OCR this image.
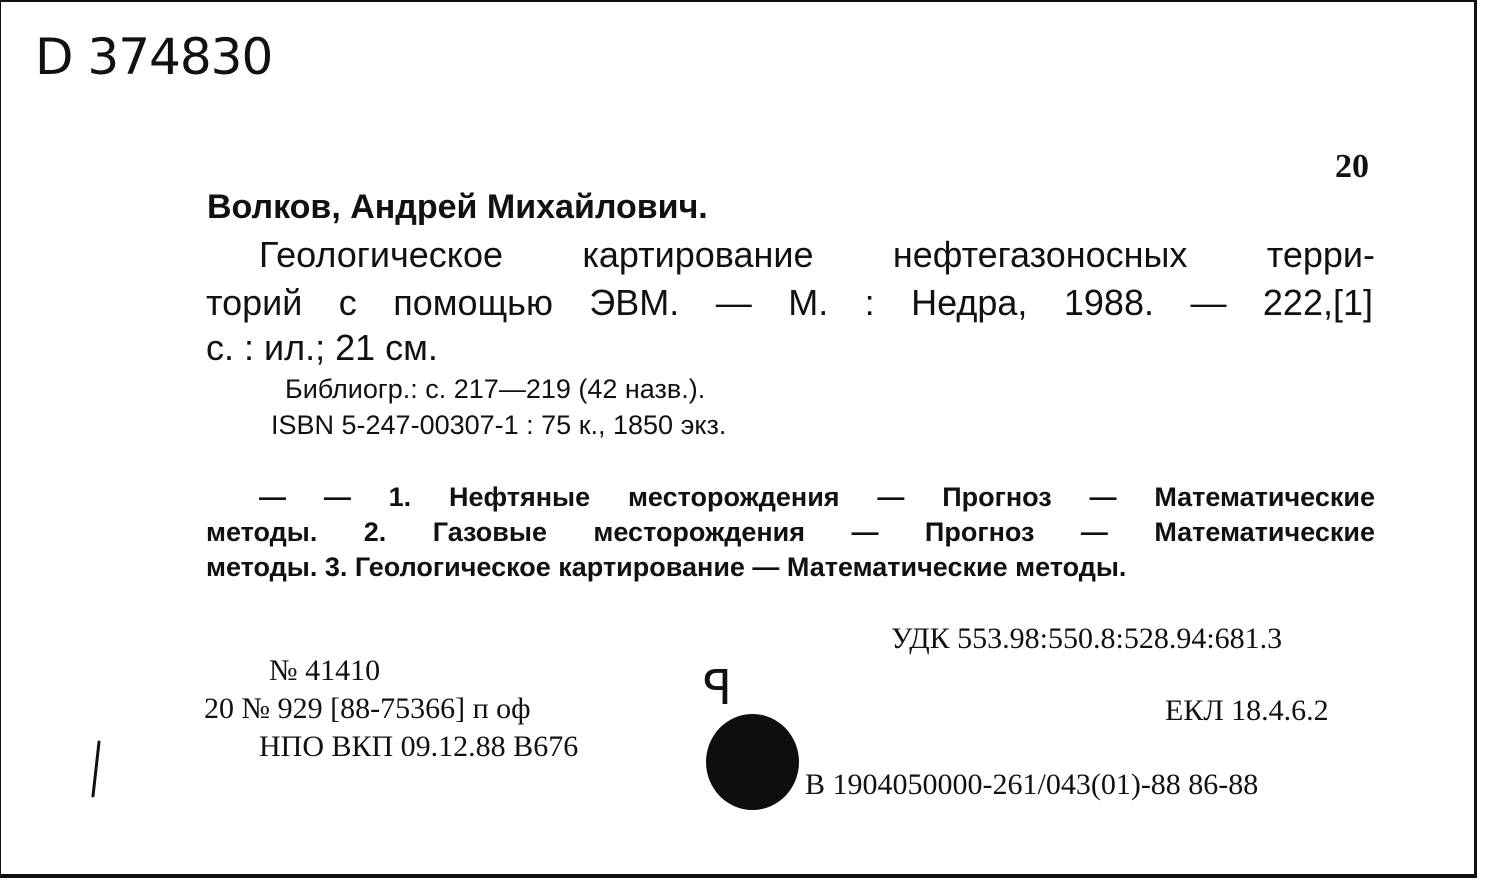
D 374830
20
Волков, Андрей Михайлович.
Геологическое картирование нефтегазоносных терри-
торий с помощью ЭВМ. — М. : Недра, 1988. — 222,[1]
с. : ил.; 21 см.
Библиогр.: с. 217—219 (42 назв.).
ISBN 5-247-00307-1 : 75 к., 1850 экз.
— — 1. Нефтяные месторождения — Прогноз — Математические
методы. 2. Газовые месторождения — Прогноз — Математические
методы. 3. Геологическое картирование — Математические методы.
УДК 553.98:550.8:528.94:681.3
№ 41410
20 № 929 [88-75366] п оф
НПО ВКП 09.12.88 В676
Р	ЕКЛ 18.4.6.2
В 1904050000-261/043(01)-88 86-88
